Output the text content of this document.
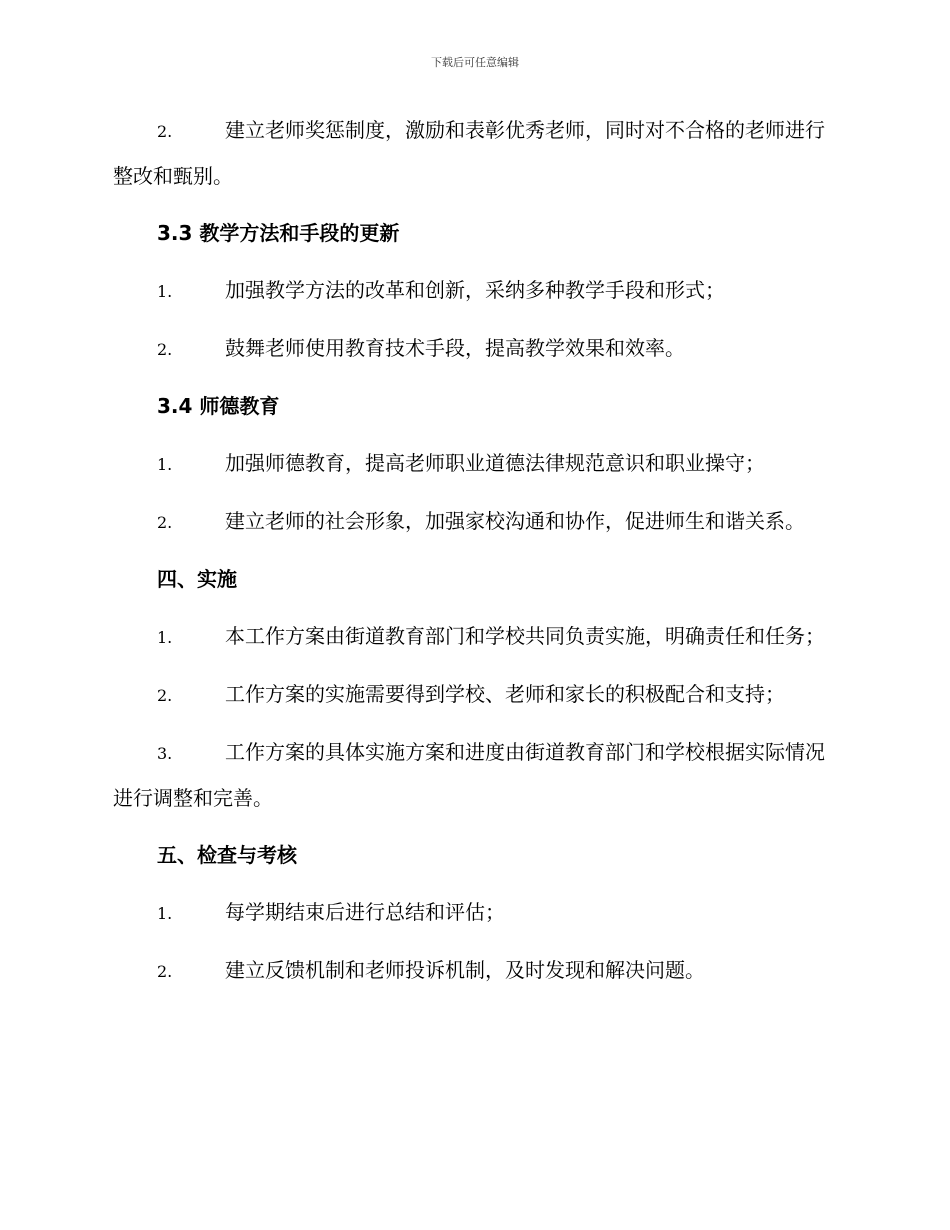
下载后可任意编辑
2.	建立老师奖惩制度，激励和表彰优秀老师，同时对不合格的老师进行整改和甄别。
3.3 教学方法和手段的更新
1.	加强教学方法的改革和创新，采纳多种教学手段和形式；
2.	鼓舞老师使用教育技术手段，提高教学效果和效率。
3.4 师德教育
1.	加强师德教育，提高老师职业道德法律规范意识和职业操守；
2.	建立老师的社会形象，加强家校沟通和协作，促进师生和谐关系。
四、实施
1.	本工作方案由街道教育部门和学校共同负责实施，明确责任和任务；
2.	工作方案的实施需要得到学校、老师和家长的积极配合和支持；
3.	工作方案的具体实施方案和进度由街道教育部门和学校根据实际情况进行调整和完善。
五、检查与考核
1.	每学期结束后进行总结和评估；
2.	建立反馈机制和老师投诉机制，及时发现和解决问题。
